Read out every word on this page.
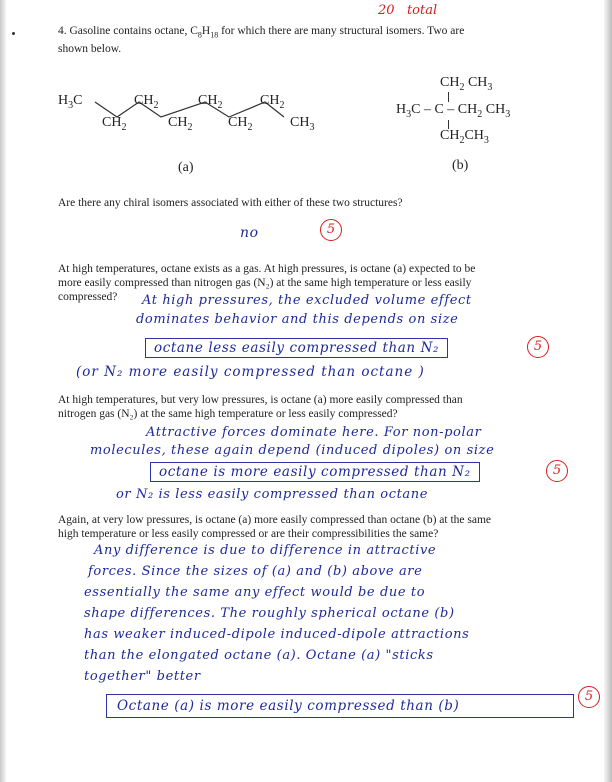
20   total
4. Gasoline contains octane, $C_8H_{18}$ for which there are many structural isomers. Two are
shown below.
$H_3C$	$CH_2$	$CH_2$	$CH_2$
$CH_2$	$CH_2$	$CH_2$	$CH_3$
(a)
$CH_2$ $CH_3$
$H_3C$ – C – $CH_2$ $CH_3$
$CH_2CH_3$
(b)
Are there any chiral isomers associated with either of these two structures?
no	5
At high temperatures, octane exists as a gas. At high pressures, is octane (a) expected to be
more easily compressed than nitrogen gas (N₂) at the same high temperature or less easily
compressed?	At high pressures, the excluded volume effect
dominates behavior and this depends on size
octane less easily compressed than N₂	5
(or N₂ more easily compressed than octane )
At high temperatures, but very low pressures, is octane (a) more easily compressed than
nitrogen gas (N₂) at the same high temperature or less easily compressed?
Attractive forces dominate here. For non-polar
molecules, these again depend (induced dipoles) on size
octane is more easily compressed than N₂	5
or N₂ is less easily compressed than octane
Again, at very low pressures, is octane (a) more easily compressed than octane (b) at the same
high temperature or less easily compressed or are their compressibilities the same?
Any difference is due to difference in attractive
forces. Since the sizes of (a) and (b) above are
essentially the same any effect would be due to
shape differences. The roughly spherical octane (b)
has weaker induced-dipole induced-dipole attractions
than the elongated octane (a). Octane (a) "sticks
together" better
Octane (a) is more easily compressed than (b)
5
